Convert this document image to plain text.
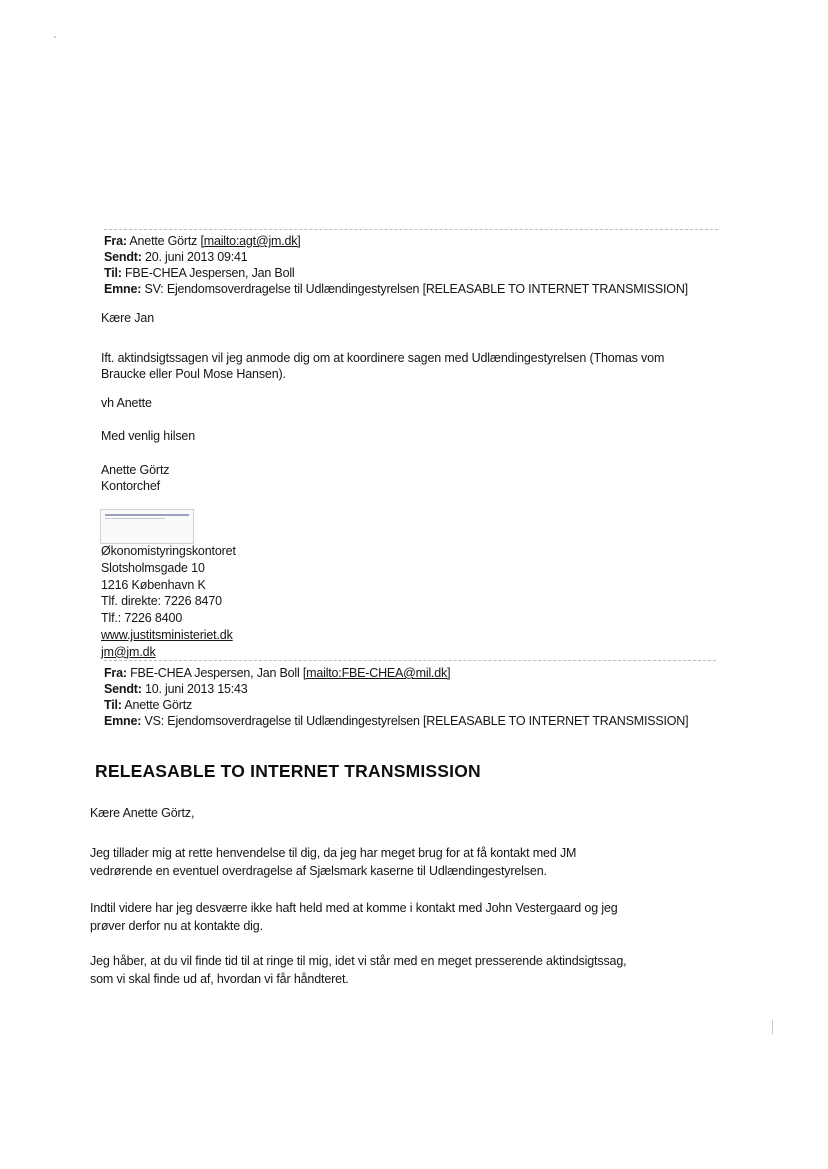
Fra: Anette Görtz [mailto:agt@jm.dk]
Sendt: 20. juni 2013 09:41
Til: FBE-CHEA Jespersen, Jan Boll
Emne: SV: Ejendomsoverdragelse til Udlændingestyrelsen [RELEASABLE TO INTERNET TRANSMISSION]
Kære Jan
Ift. aktindsigtssagen vil jeg anmode dig om at koordinere sagen med Udlændingestyrelsen (Thomas vom
Braucke eller Poul Mose Hansen).
vh Anette
Med venlig hilsen
Anette Görtz
Kontorchef
Økonomistyringskontoret
Slotsholmsgade 10
1216 København K
Tlf. direkte: 7226 8470
Tlf.: 7226 8400
www.justitsministeriet.dk
jm@jm.dk
Fra: FBE-CHEA Jespersen, Jan Boll [mailto:FBE-CHEA@mil.dk]
Sendt: 10. juni 2013 15:43
Til: Anette Görtz
Emne: VS: Ejendomsoverdragelse til Udlændingestyrelsen [RELEASABLE TO INTERNET TRANSMISSION]
RELEASABLE TO INTERNET TRANSMISSION
Kære Anette Görtz,
Jeg tillader mig at rette henvendelse til dig, da jeg har meget brug for at få kontakt med JM
vedrørende en eventuel overdragelse af Sjælsmark kaserne til Udlændingestyrelsen.
Indtil videre har jeg desværre ikke haft held med at komme i kontakt med John Vestergaard og jeg
prøver derfor nu at kontakte dig.
Jeg håber, at du vil finde tid til at ringe til mig, idet vi står med en meget presserende aktindsigtssag,
som vi skal finde ud af, hvordan vi får håndteret.
